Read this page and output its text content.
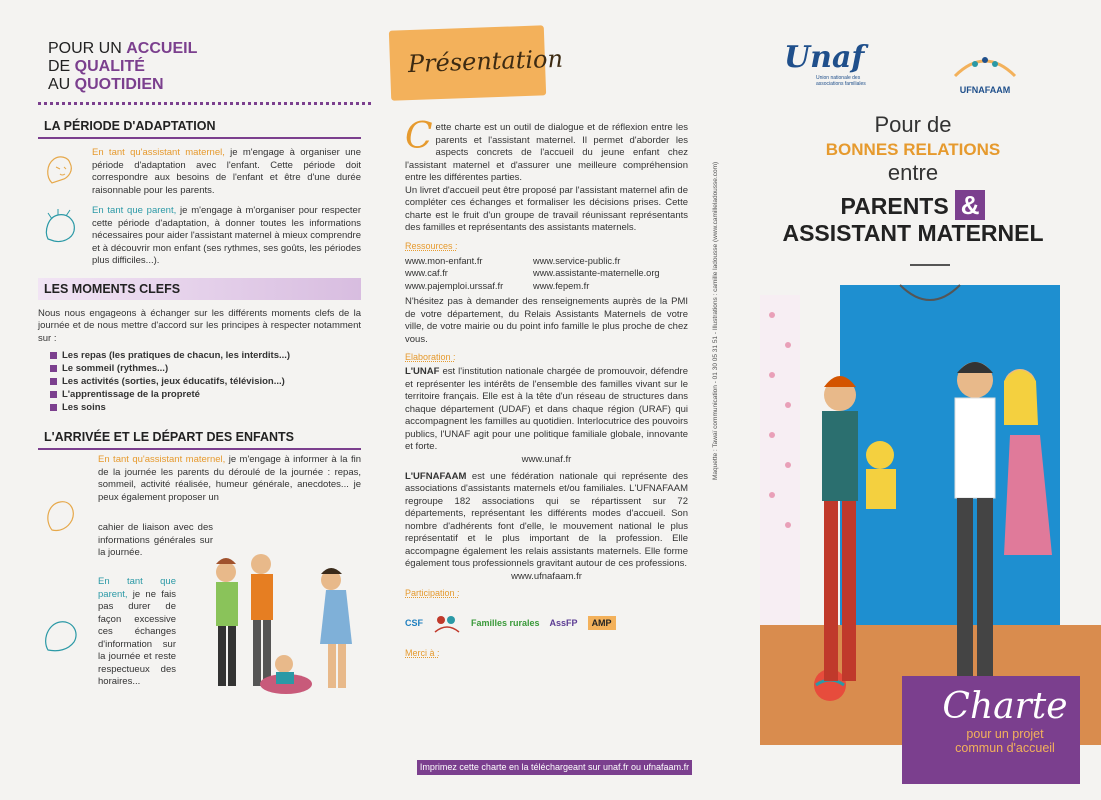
POUR UN ACCUEIL
DE QUALITÉ
AU QUOTIDIEN
LA PÉRIODE D'ADAPTATION

En tant qu'assistant maternel, je m'engage à organiser une période d'adaptation avec l'enfant. Cette période doit correspondre aux besoins de l'enfant et être d'une durée raisonnable pour les parents.

En tant que parent, je m'engage à m'organiser pour respecter cette période d'adaptation, à donner toutes les informations nécessaires pour aider l'assistant maternel à mieux comprendre et à découvrir mon enfant (ses rythmes, ses goûts, les périodes plus difficiles...).

LES MOMENTS CLEFS

Nous nous engageons à échanger sur les différents moments clefs de la journée et de nous mettre d'accord sur les principes à respecter notamment sur :

Les repas (les pratiques de chacun, les interdits...)
Le sommeil (rythmes...)
Les activités (sorties, jeux éducatifs, télévision...)
L'apprentissage de la propreté
Les soins
L'ARRIVÉE ET LE DÉPART DES ENFANTS

En tant qu'assistant maternel, je m'engage à informer à la fin de la journée les parents du déroulé de la journée : repas, sommeil, activité réalisée, humeur générale, anecdotes... je peux également proposer un

cahier de liaison avec des informations générales sur la journée.

En tant que parent, je ne fais pas durer de façon excessive ces échanges d'information sur la journée et reste respectueux des horaires...

Présentation

Cette charte est un outil de dialogue et de réflexion entre les parents et l'assistant maternel. Il permet d'aborder les aspects concrets de l'accueil du jeune enfant chez l'assistant maternel et d'assurer une meilleure compréhension entre les différentes parties.

Un livret d'accueil peut être proposé par l'assistant maternel afin de compléter ces échanges et formaliser les décisions prises. Cette charte est le fruit d'un groupe de travail réunissant représentants des familles et représentants des assistants maternels.

Ressources :
www.mon-enfant.fr	www.service-public.fr
www.caf.fr	www.assistante-maternelle.org
www.pajemploi.urssaf.fr	www.fepem.fr

N'hésitez pas à demander des renseignements auprès de la PMI de votre département, du Relais Assistants Maternels de votre ville, de votre mairie ou du point info famille le plus proche de chez vous.

Elaboration :

L'UNAF est l'institution nationale chargée de promouvoir, défendre et représenter les intérêts de l'ensemble des familles vivant sur le territoire français. Elle est à la tête d'un réseau de structures dans chaque département (UDAF) et dans chaque région (URAF) qui accompagnent les familles au quotidien. Interlocutrice des pouvoirs publics, l'UNAF agit pour une politique familiale globale, innovante et forte.

www.unaf.fr

L'UFNAFAAM est une fédération nationale qui représente des associations d'assistants maternels et/ou familiales. L'UFNAFAAM regroupe 182 associations qui se répartissent sur 72 départements, représentant les différents modes d'accueil. Son nombre d'adhérents font d'elle, le mouvement national le plus représentatif et le plus important de la profession. Elle accompagne également les relais assistants maternels. Elle forme également tous professionnels gravitant autour de ces professions.

www.ufnafaam.fr
Participation :
CSF	Familles rurales AssFP	AMP
Merci à :
Imprimez cette charte en la téléchargeant sur unaf.fr ou ufnafaam.fr
Maquette : Tawaï communication - 01 30 05 31 51 - Illustrations : camille ladousse (www.camilleladousse.com)
Unaf
Union nationale des associations familiales
UFNAFAAM
Pour de
BONNES RELATIONS
entre
PARENTS &
ASSISTANT MATERNEL
Charte
pour un projet
commun d'accueil
